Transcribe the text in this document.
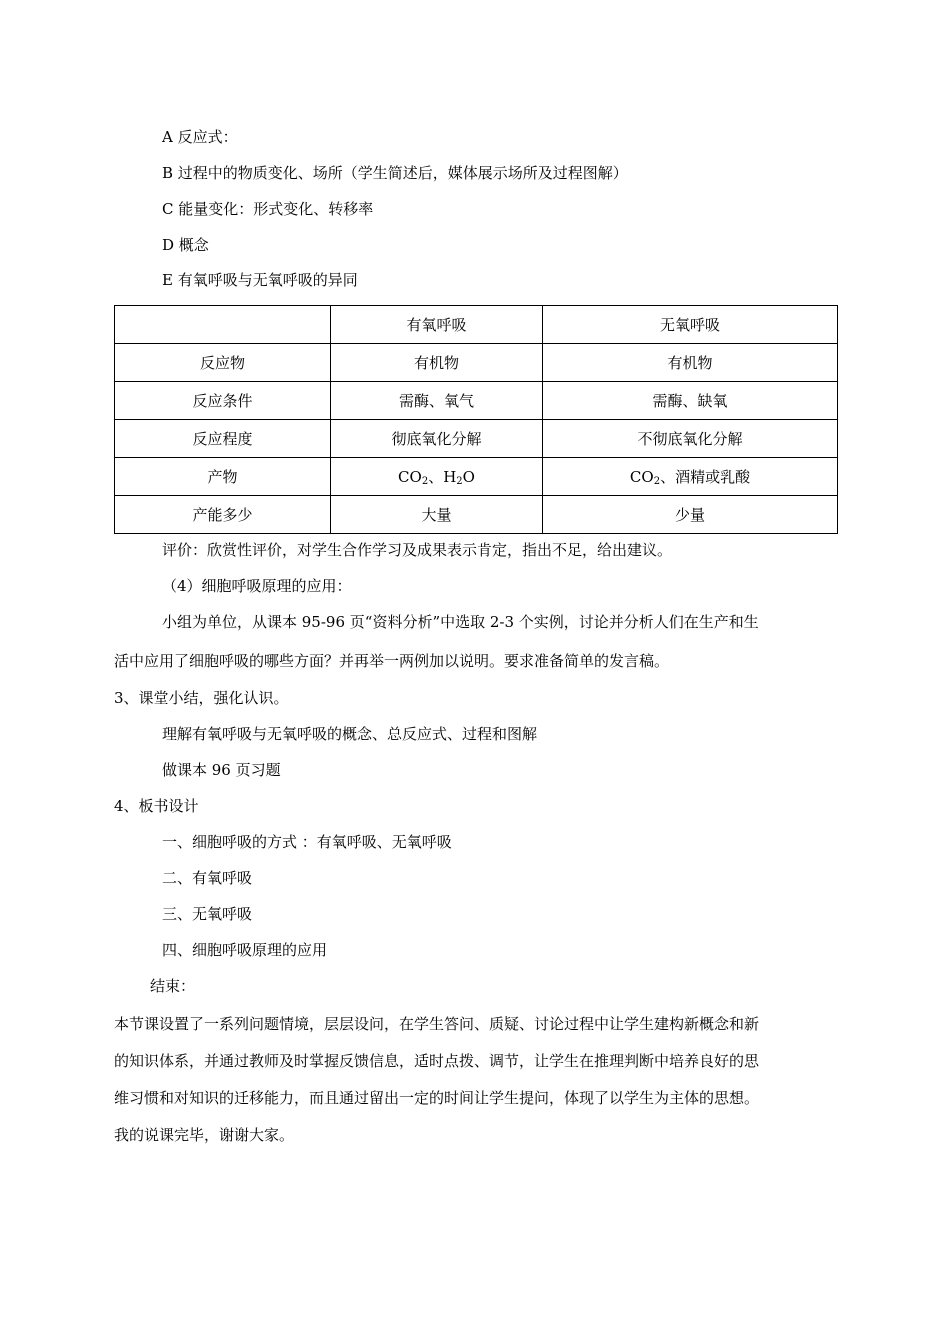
A 反应式：
B 过程中的物质变化、场所（学生简述后，媒体展示场所及过程图解）
C 能量变化：形式变化、转移率
D 概念
E 有氧呼吸与无氧呼吸的异同
	有氧呼吸	无氧呼吸
反应物	有机物	有机物
反应条件	需酶、氧气	需酶、缺氧
反应程度	彻底氧化分解	不彻底氧化分解
产物	$CO_2$、$H_2O$	$CO_2$、酒精或乳酸
产能多少	大量	少量
评价：欣赏性评价，对学生合作学习及成果表示肯定，指出不足，给出建议。
（4）细胞呼吸原理的应用：
小组为单位，从课本 95-96 页“资料分析”中选取 2-3 个实例，讨论并分析人们在生产和生
活中应用了细胞呼吸的哪些方面？并再举一两例加以说明。要求准备简单的发言稿。
3、课堂小结，强化认识。
理解有氧呼吸与无氧呼吸的概念、总反应式、过程和图解
做课本 96 页习题
4、板书设计
一、细胞呼吸的方式 ：有氧呼吸、无氧呼吸
二、有氧呼吸
三、无氧呼吸
四、细胞呼吸原理的应用
结束：
本节课设置了一系列问题情境，层层设问，在学生答问、质疑、讨论过程中让学生建构新概念和新
的知识体系，并通过教师及时掌握反馈信息，适时点拨、调节，让学生在推理判断中培养良好的思
维习惯和对知识的迁移能力，而且通过留出一定的时间让学生提问，体现了以学生为主体的思想。
我的说课完毕，谢谢大家。
